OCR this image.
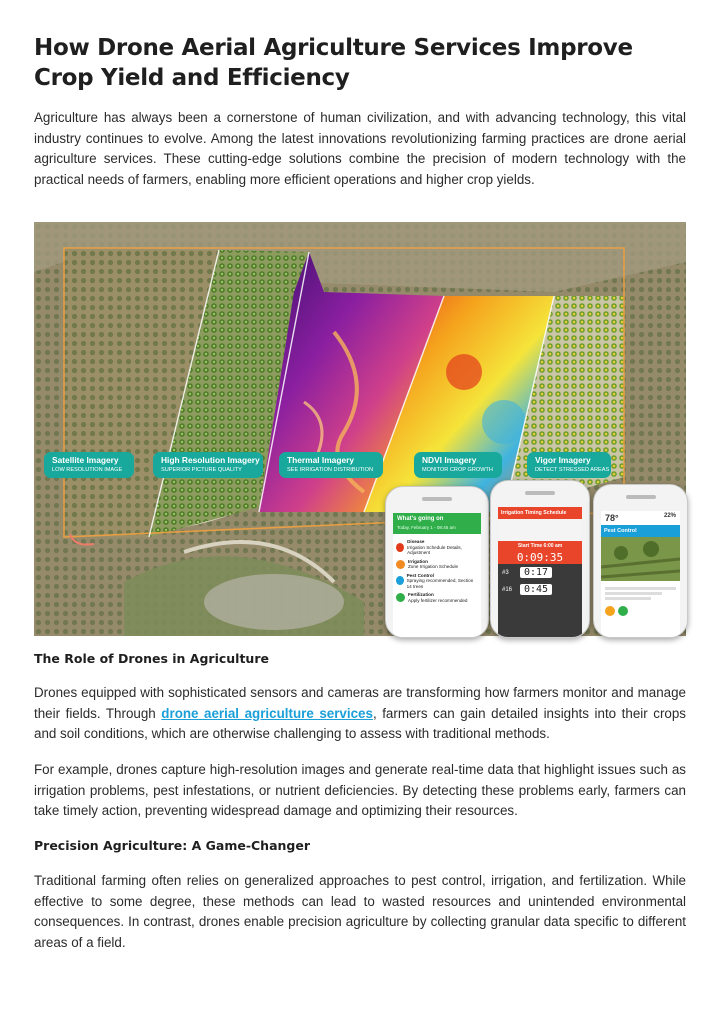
How Drone Aerial Agriculture Services Improve Crop Yield and Efficiency

Agriculture has always been a cornerstone of human civilization, and with advancing technology, this vital industry continues to evolve. Among the latest innovations revolutionizing farming practices are drone aerial agriculture services. These cutting-edge solutions combine the precision of modern technology with the practical needs of farmers, enabling more efficient operations and higher crop yields.

Satellite Imagery
LOW RESOLUTION IMAGE
High Resolution Imagery
SUPERIOR PICTURE QUALITY
Thermal Imagery
SEE IRRIGATION DISTRIBUTION
NDVI Imagery
MONITOR CROP GROWTH
Vigor Imagery
DETECT STRESSED AREAS
What's going on
Today, February 1 - 08:45 am
Disease
Irrigation Schedule Details, Adjustment
Irrigation
Zone Irrigation Schedule
Pest Control
Spraying recommended, Section 14 trees
Fertilization
Apply fertilizer recommended
Irrigation Timing Schedule
Start Time 6:00 am
0:09:35
#3	0:17
#16	0:45
78°	22%
Pest Control

The Role of Drones in Agriculture

Drones equipped with sophisticated sensors and cameras are transforming how farmers monitor and manage their fields. Through drone aerial agriculture services, farmers can gain detailed insights into their crops and soil conditions, which are otherwise challenging to assess with traditional methods.

For example, drones capture high-resolution images and generate real-time data that highlight issues such as irrigation problems, pest infestations, or nutrient deficiencies. By detecting these problems early, farmers can take timely action, preventing widespread damage and optimizing their resources.

Precision Agriculture: A Game-Changer

Traditional farming often relies on generalized approaches to pest control, irrigation, and fertilization. While effective to some degree, these methods can lead to wasted resources and unintended environmental consequences. In contrast, drones enable precision agriculture by collecting granular data specific to different areas of a field.
